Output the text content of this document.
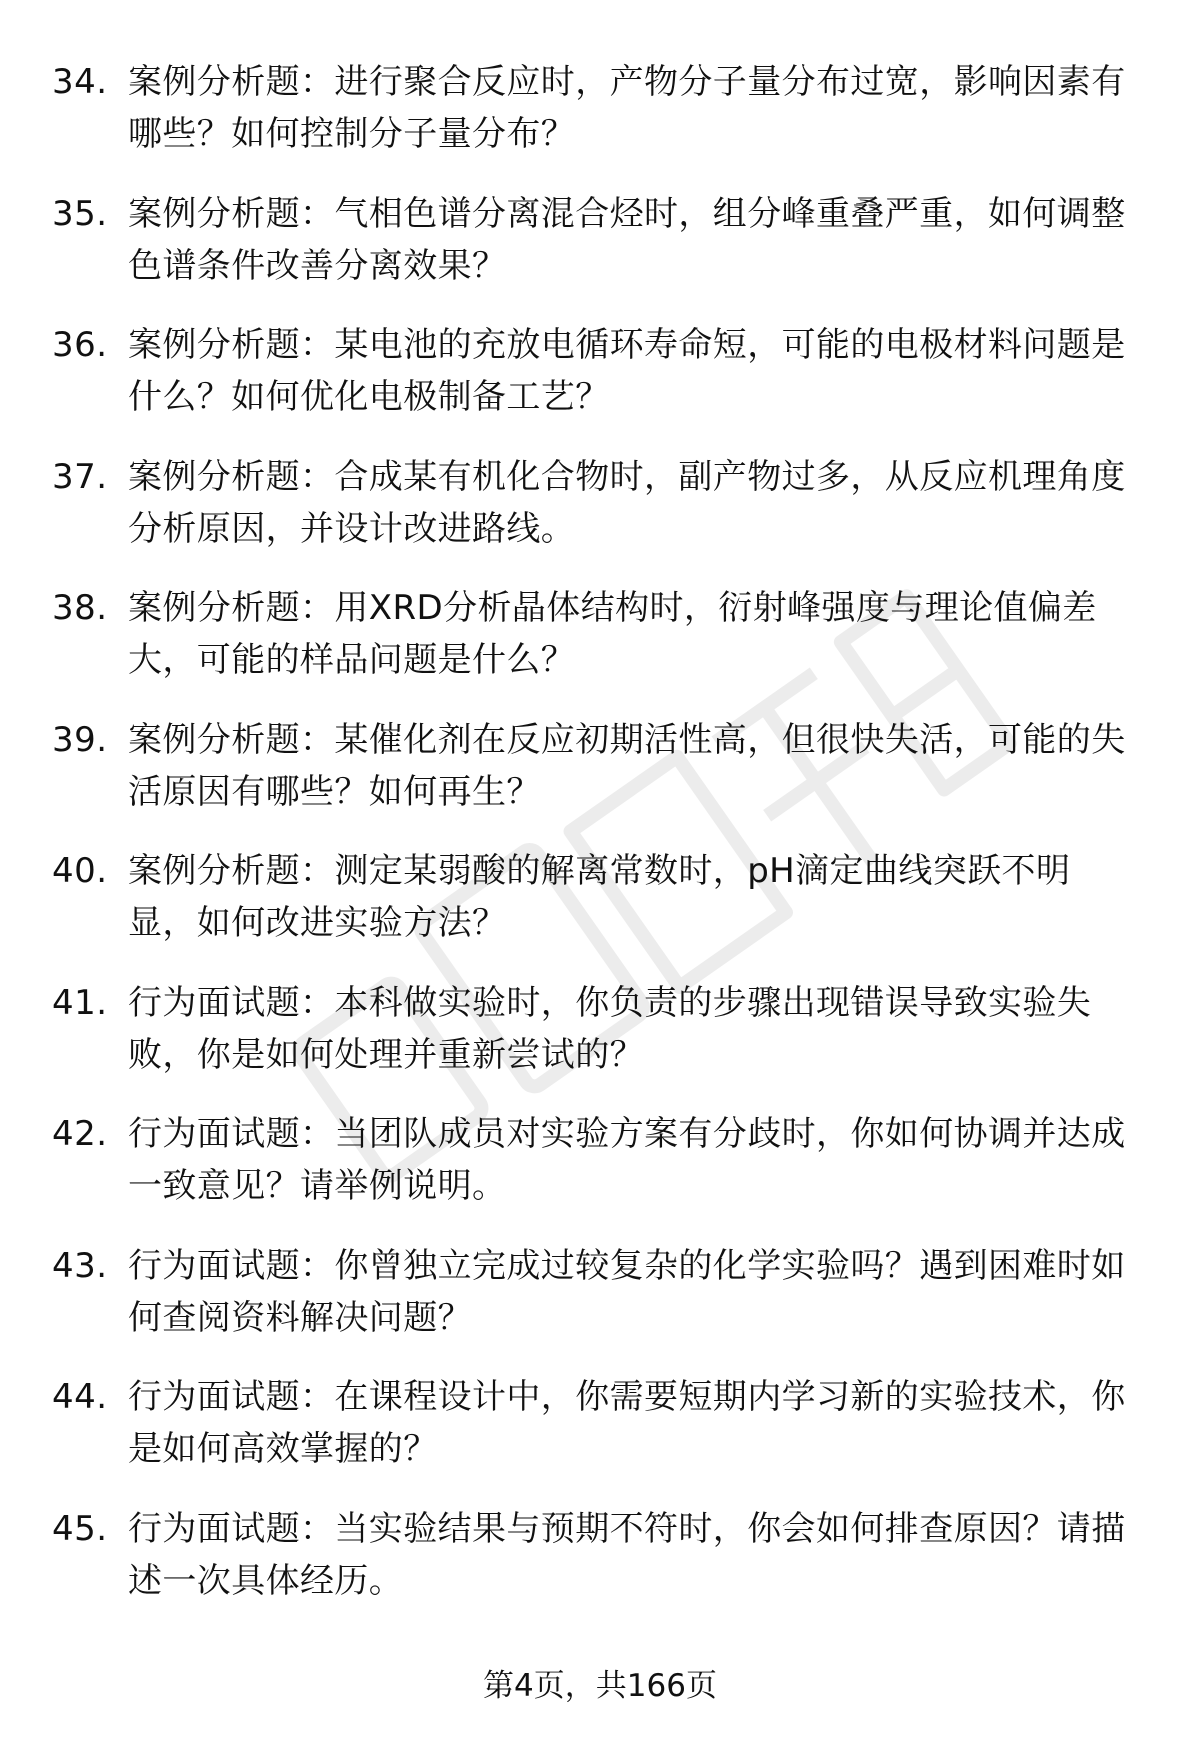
34. 案例分析题：进行聚合反应时，产物分子量分布过宽，影响因素有哪些？如何控制分子量分布？
35. 案例分析题：气相色谱分离混合烃时，组分峰重叠严重，如何调整色谱条件改善分离效果？
36. 案例分析题：某电池的充放电循环寿命短，可能的电极材料问题是什么？如何优化电极制备工艺？
37. 案例分析题：合成某有机化合物时，副产物过多，从反应机理角度分析原因，并设计改进路线。
38. 案例分析题：用XRD分析晶体结构时，衍射峰强度与理论值偏差大，可能的样品问题是什么？
39. 案例分析题：某催化剂在反应初期活性高，但很快失活，可能的失活原因有哪些？如何再生？
40. 案例分析题：测定某弱酸的解离常数时，pH滴定曲线突跃不明显，如何改进实验方法？
41. 行为面试题：本科做实验时，你负责的步骤出现错误导致实验失败，你是如何处理并重新尝试的？
42. 行为面试题：当团队成员对实验方案有分歧时，你如何协调并达成一致意见？请举例说明。
43. 行为面试题：你曾独立完成过较复杂的化学实验吗？遇到困难时如何查阅资料解决问题？
44. 行为面试题：在课程设计中，你需要短期内学习新的实验技术，你是如何高效掌握的？
45. 行为面试题：当实验结果与预期不符时，你会如何排查原因？请描述一次具体经历。
第4页，共166页
